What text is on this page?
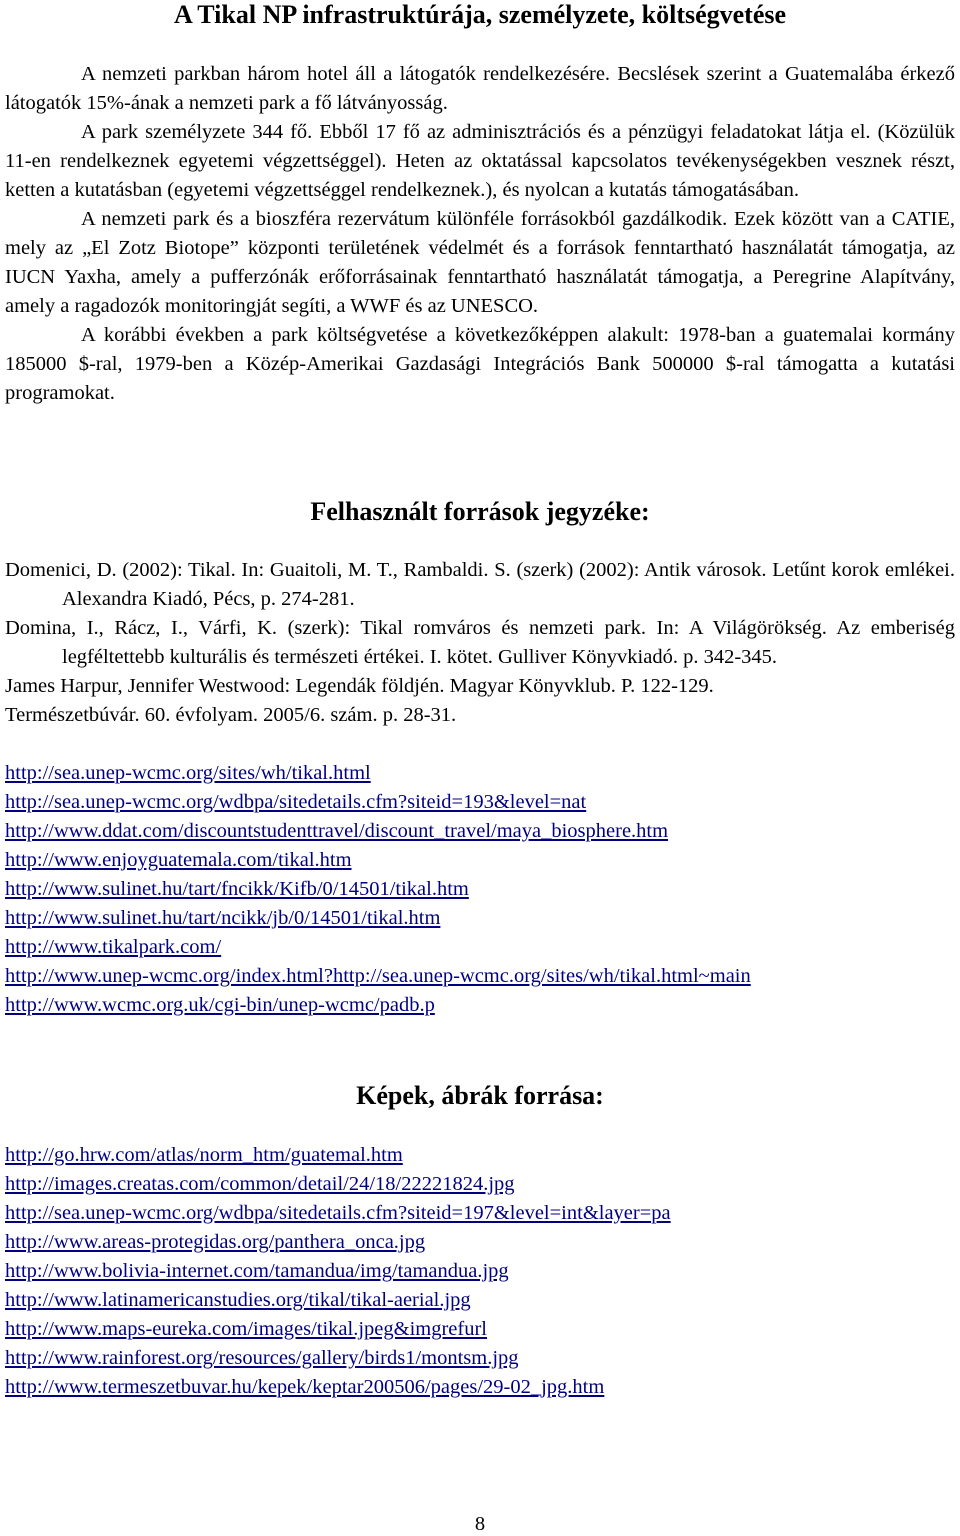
A Tikal NP infrastruktúrája, személyzete, költségvetése

A nemzeti parkban három hotel áll a látogatók rendelkezésére. Becslések szerint a Guatemalába érkező látogatók 15%-ának a nemzeti park a fő látványosság.

A park személyzete 344 fő. Ebből 17 fő az adminisztrációs és a pénzügyi feladatokat látja el. (Közülük 11-en rendelkeznek egyetemi végzettséggel). Heten az oktatással kapcsolatos tevékenységekben vesznek részt, ketten a kutatásban (egyetemi végzettséggel rendelkeznek.), és nyolcan a kutatás támogatásában.

A nemzeti park és a bioszféra rezervátum különféle forrásokból gazdálkodik. Ezek között van a CATIE, mely az „El Zotz Biotope” központi területének védelmét és a források fenntartható használatát támogatja, az IUCN Yaxha, amely a pufferzónák erőforrásainak fenntartható használatát támogatja, a Peregrine Alapítvány, amely a ragadozók monitoringját segíti, a WWF és az UNESCO.

A korábbi években a park költségvetése a következőképpen alakult: 1978-ban a guatemalai kormány 185000 $-ral, 1979-ben a Közép-Amerikai Gazdasági Integrációs Bank 500000 $-ral támogatta a kutatási programokat.

Felhasznált források jegyzéke:

Domenici, D. (2002): Tikal. In: Guaitoli, M. T., Rambaldi. S. (szerk) (2002): Antik városok. Letűnt korok emlékei. Alexandra Kiadó, Pécs, p. 274-281.

Domina, I., Rácz, I., Várfi, K. (szerk): Tikal romváros és nemzeti park. In: A Világörökség. Az emberiség legféltettebb kulturális és természeti értékei. I. kötet. Gulliver Könyvkiadó. p. 342-345.

James Harpur, Jennifer Westwood: Legendák földjén. Magyar Könyvklub. P. 122-129.

Természetbúvár. 60. évfolyam. 2005/6. szám. p. 28-31.

http://sea.unep-wcmc.org/sites/wh/tikal.html
http://sea.unep-wcmc.org/wdbpa/sitedetails.cfm?siteid=193&level=nat
http://www.ddat.com/discountstudenttravel/discount_travel/maya_biosphere.htm
http://www.enjoyguatemala.com/tikal.htm
http://www.sulinet.hu/tart/fncikk/Kifb/0/14501/tikal.htm
http://www.sulinet.hu/tart/ncikk/jb/0/14501/tikal.htm
http://www.tikalpark.com/
http://www.unep-wcmc.org/index.html?http://sea.unep-wcmc.org/sites/wh/tikal.html~main
http://www.wcmc.org.uk/cgi-bin/unep-wcmc/padb.p
Képek, ábrák forrása:
http://go.hrw.com/atlas/norm_htm/guatemal.htm
http://images.creatas.com/common/detail/24/18/22221824.jpg
http://sea.unep-wcmc.org/wdbpa/sitedetails.cfm?siteid=197&level=int&layer=pa
http://www.areas-protegidas.org/panthera_onca.jpg
http://www.bolivia-internet.com/tamandua/img/tamandua.jpg
http://www.latinamericanstudies.org/tikal/tikal-aerial.jpg
http://www.maps-eureka.com/images/tikal.jpeg&imgrefurl
http://www.rainforest.org/resources/gallery/birds1/montsm.jpg
http://www.termeszetbuvar.hu/kepek/keptar200506/pages/29-02_jpg.htm
8
